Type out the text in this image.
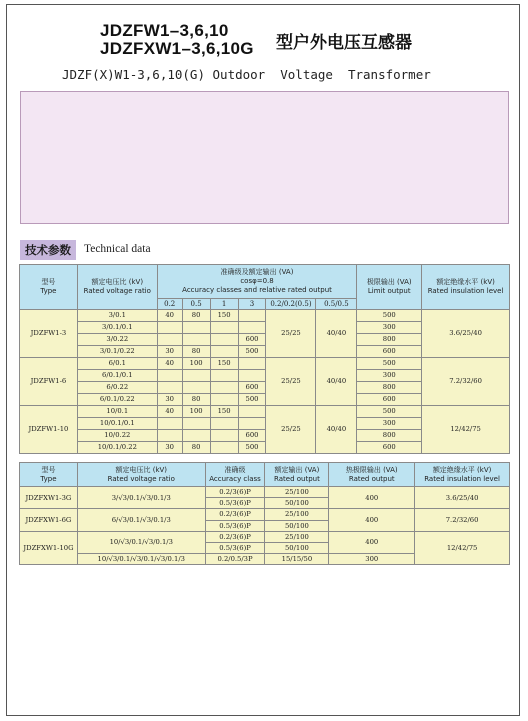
JDZFW1–3,6,10
JDZFXW1–3,6,10G 型户外电压互感器
JDZF(X)W1-3,6,10(G) Outdoor  Voltage  Transformer
技术参数	Technical data
型号
Type	额定电压比 (kV)
Rated voltage ratio	准确级及额定输出 (VA)
cosφ=0.8
Accuracy classes and relative rated output						极限输出 (VA)
Limit output	额定绝缘水平 (kV)
Rated insulation level
		0.2	0.5	1	3	0.2/0.2(0.5)	0.5/0.5		
JDZFW1-3	3/0.1	40	80	150		25/25	40/40	500	3.6/25/40
	3/0.1/0.1							300	
	3/0.22				600			800	
	3/0.1/0.22	30	80		500			600	
JDZFW1-6	6/0.1	40	100	150		25/25	40/40	500	7.2/32/60
	6/0.1/0.1							300	
	6/0.22				600			800	
	6/0.1/0.22	30	80		500			600	
JDZFW1-10	10/0.1	40	100	150		25/25	40/40	500	12/42/75
	10/0.1/0.1							300	
	10/0.22				600			800	
	10/0.1/0.22	30	80		500			600	
型号
Type	额定电压比 (kV)
Rated voltage ratio	准确级
Accuracy class	额定输出 (VA)
Rated output	热极限输出 (VA)
Rated output	额定绝缘水平 (kV)
Rated insulation level
JDZFXW1-3G	3/√3/0.1/√3/0.1/3	0.2/3(6)P	25/100	400	3.6/25/40
		0.5/3(6)P	50/100		
JDZFXW1-6G	6/√3/0.1/√3/0.1/3	0.2/3(6)P	25/100	400	7.2/32/60
		0.5/3(6)P	50/100		
JDZFXW1-10G	10/√3/0.1/√3/0.1/3	0.2/3(6)P	25/100	400	12/42/75
		0.5/3(6)P	50/100		
	10/√3/0.1/√3/0.1/√3/0.1/3	0.2/0.5/3P	15/15/50	300	
